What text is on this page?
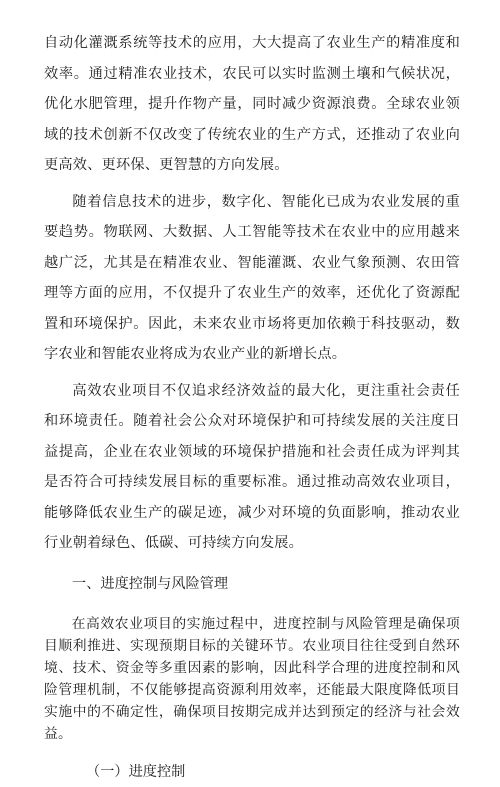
自动化灌溉系统等技术的应用，大大提高了农业生产的精准度和效率。通过精准农业技术，农民可以实时监测土壤和气候状况，优化水肥管理，提升作物产量，同时减少资源浪费。全球农业领域的技术创新不仅改变了传统农业的生产方式，还推动了农业向更高效、更环保、更智慧的方向发展。

随着信息技术的进步，数字化、智能化已成为农业发展的重要趋势。物联网、大数据、人工智能等技术在农业中的应用越来越广泛，尤其是在精准农业、智能灌溉、农业气象预测、农田管理等方面的应用，不仅提升了农业生产的效率，还优化了资源配置和环境保护。因此，未来农业市场将更加依赖于科技驱动，数字农业和智能农业将成为农业产业的新增长点。

高效农业项目不仅追求经济效益的最大化，更注重社会责任和环境责任。随着社会公众对环境保护和可持续发展的关注度日益提高，企业在农业领域的环境保护措施和社会责任成为评判其是否符合可持续发展目标的重要标准。通过推动高效农业项目，能够降低农业生产的碳足迹，减少对环境的负面影响，推动农业行业朝着绿色、低碳、可持续方向发展。

一、进度控制与风险管理

在高效农业项目的实施过程中，进度控制与风险管理是确保项目顺利推进、实现预期目标的关键环节。农业项目往往受到自然环境、技术、资金等多重因素的影响，因此科学合理的进度控制和风险管理机制，不仅能够提高资源利用效率，还能最大限度降低项目实施中的不确定性，确保项目按期完成并达到预定的经济与社会效益。

（一）进度控制
